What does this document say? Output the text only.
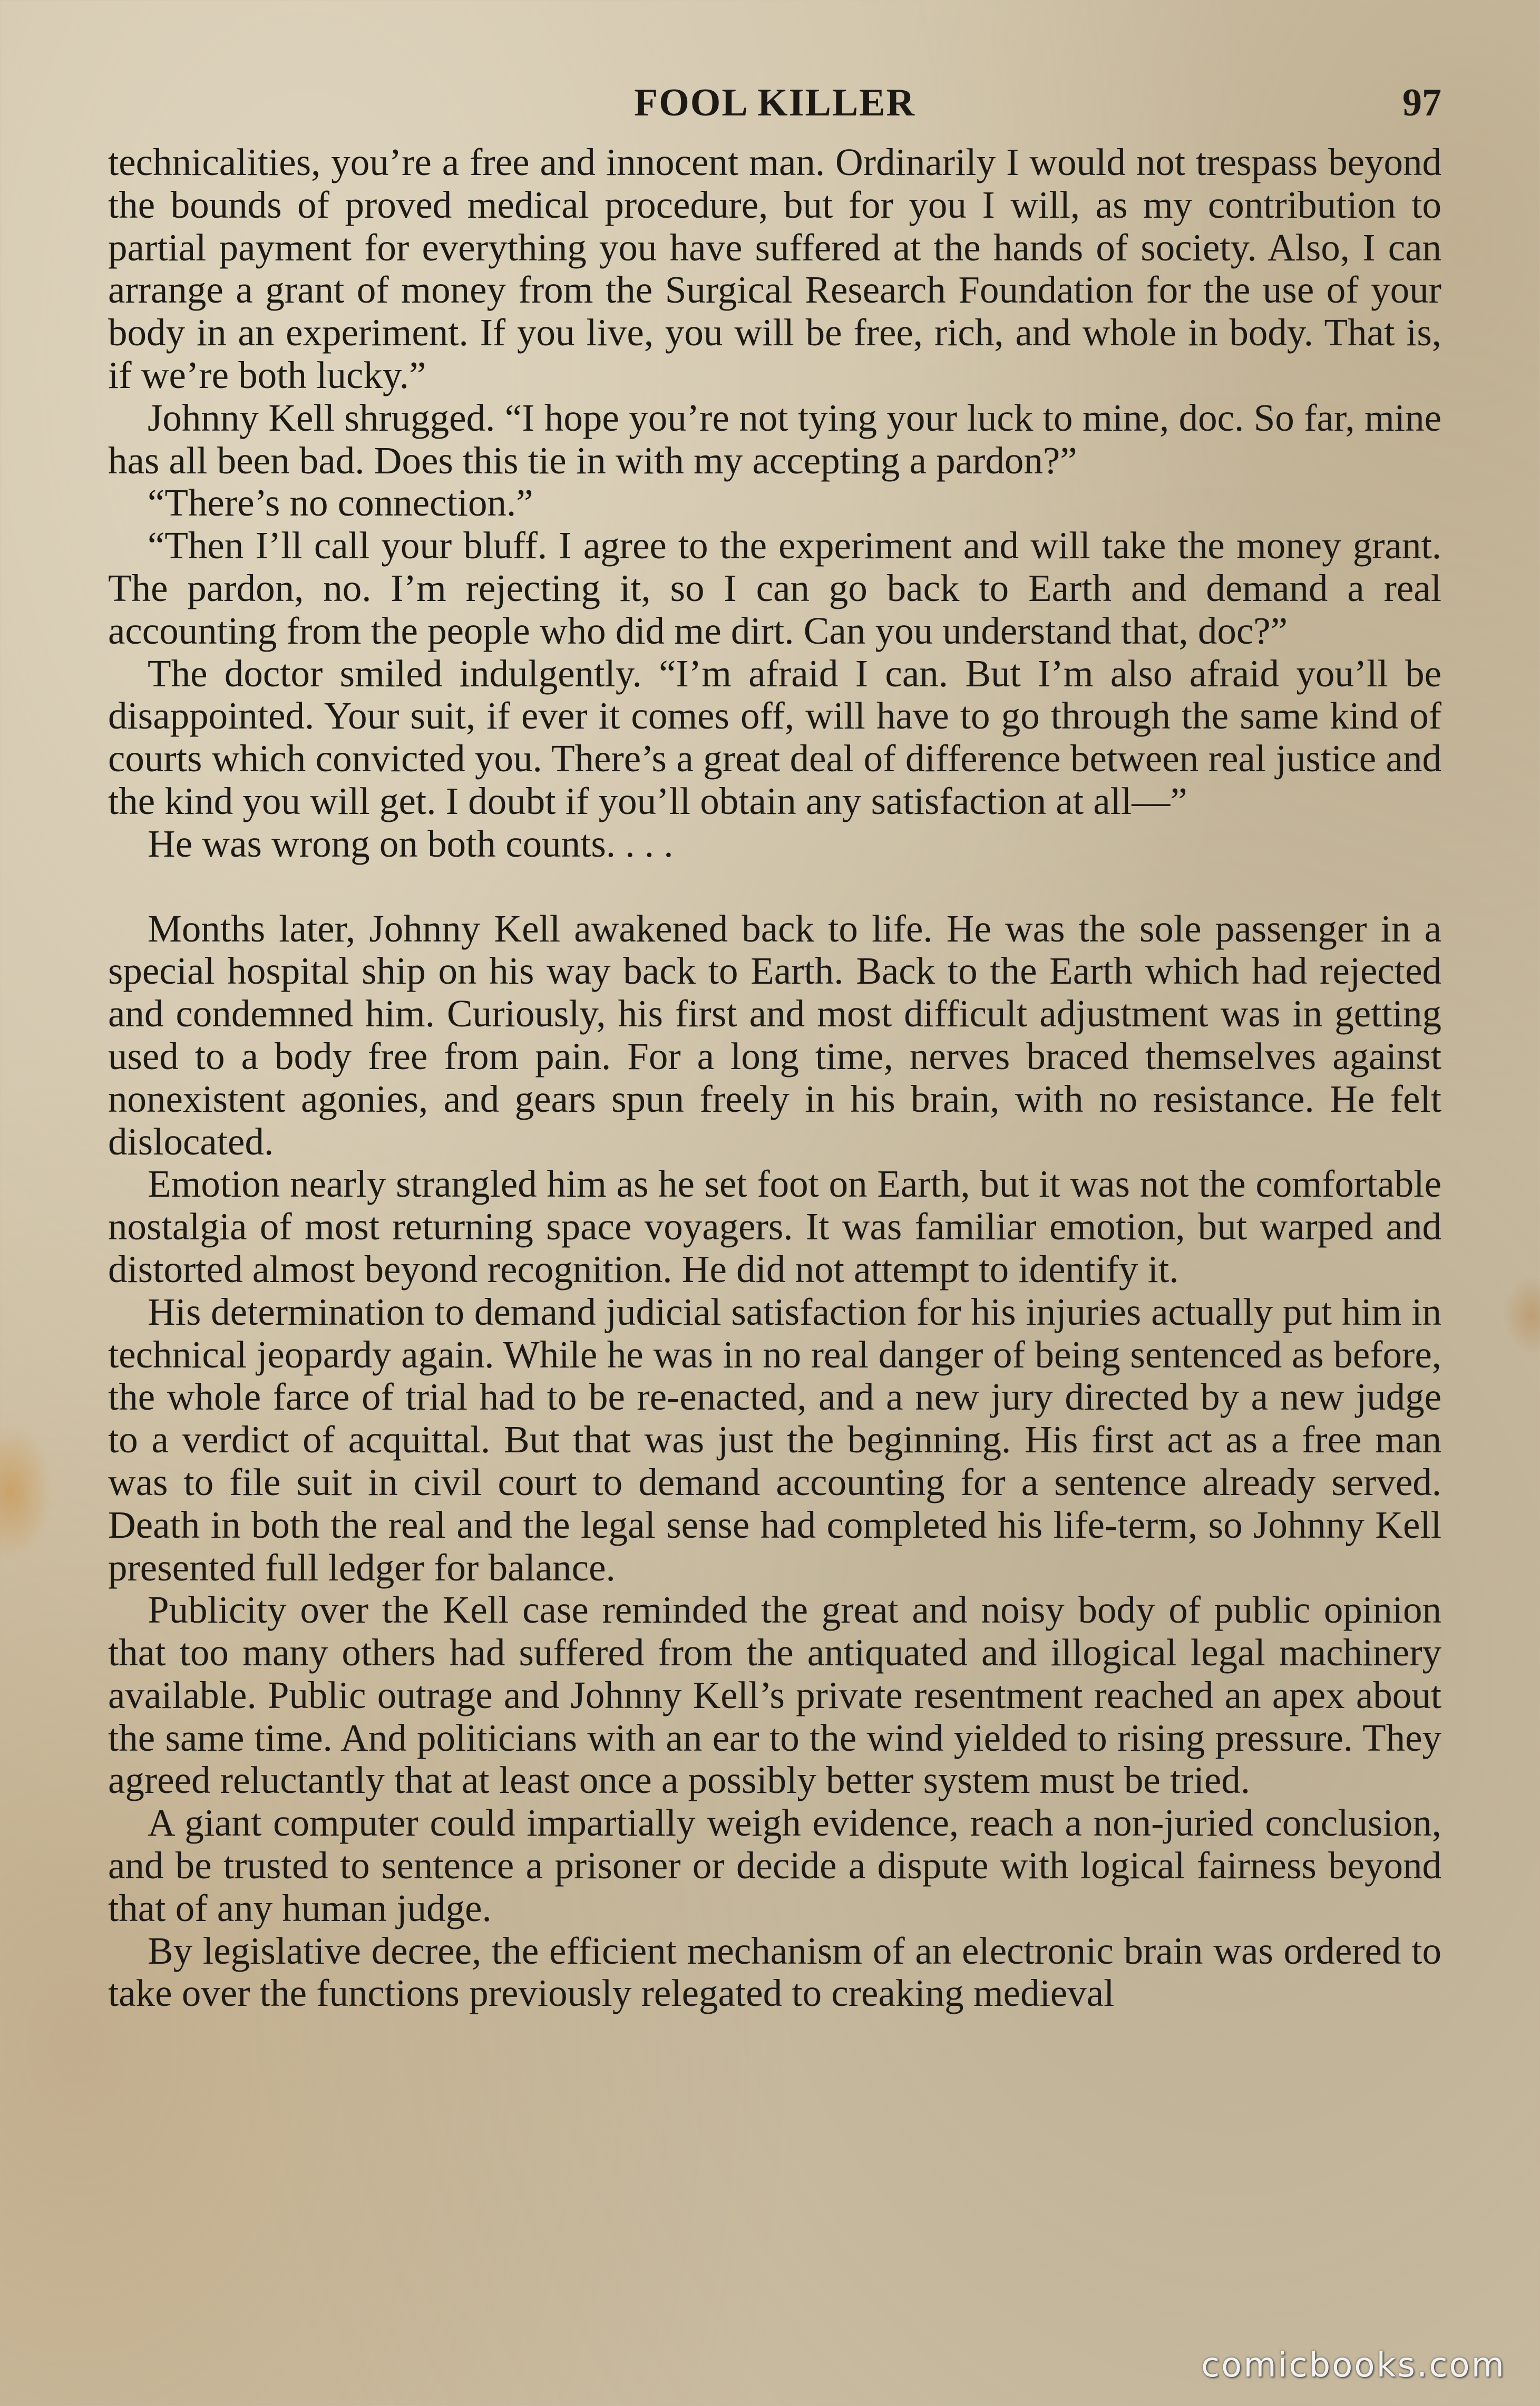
FOOL KILLER	97

technicalities, you’re a free and innocent man. Ordinarily I would not trespass beyond the bounds of proved medical procedure, but for you I will, as my contribution to partial payment for everything you have suffered at the hands of society. Also, I can arrange a grant of money from the Surgical Research Foundation for the use of your body in an experiment. If you live, you will be free, rich, and whole in body. That is, if we’re both lucky.”

Johnny Kell shrugged. “I hope you’re not tying your luck to mine, doc. So far, mine has all been bad. Does this tie in with my accepting a pardon?”

“There’s no connection.”

“Then I’ll call your bluff. I agree to the experiment and will take the money grant. The pardon, no. I’m rejecting it, so I can go back to Earth and demand a real accounting from the people who did me dirt. Can you understand that, doc?”

The doctor smiled indulgently. “I’m afraid I can. But I’m also afraid you’ll be disappointed. Your suit, if ever it comes off, will have to go through the same kind of courts which convicted you. There’s a great deal of difference between real justice and the kind you will get. I doubt if you’ll obtain any satisfaction at all—”

He was wrong on both counts. . . .

Months later, Johnny Kell awakened back to life. He was the sole passenger in a special hospital ship on his way back to Earth. Back to the Earth which had rejected and condemned him. Curiously, his first and most difficult adjustment was in getting used to a body free from pain. For a long time, nerves braced themselves against nonexistent agonies, and gears spun freely in his brain, with no resistance. He felt dislocated.

Emotion nearly strangled him as he set foot on Earth, but it was not the comfortable nostalgia of most returning space voyagers. It was familiar emotion, but warped and distorted almost beyond recognition. He did not attempt to identify it.

His determination to demand judicial satisfaction for his injuries actually put him in technical jeopardy again. While he was in no real danger of being sentenced as before, the whole farce of trial had to be re-enacted, and a new jury directed by a new judge to a verdict of acquittal. But that was just the beginning. His first act as a free man was to file suit in civil court to demand accounting for a sentence already served. Death in both the real and the legal sense had completed his life-term, so Johnny Kell presented full ledger for balance.

Publicity over the Kell case reminded the great and noisy body of public opinion that too many others had suffered from the antiquated and illogical legal machinery available. Public outrage and Johnny Kell’s private resentment reached an apex about the same time. And politicians with an ear to the wind yielded to rising pressure. They agreed reluctantly that at least once a possibly better system must be tried.

A giant computer could impartially weigh evidence, reach a non-juried conclusion, and be trusted to sentence a prisoner or decide a dispute with logical fairness beyond that of any human judge.

By legislative decree, the efficient mechanism of an electronic brain was ordered to take over the functions previously relegated to creaking medieval

comicbooks.com
